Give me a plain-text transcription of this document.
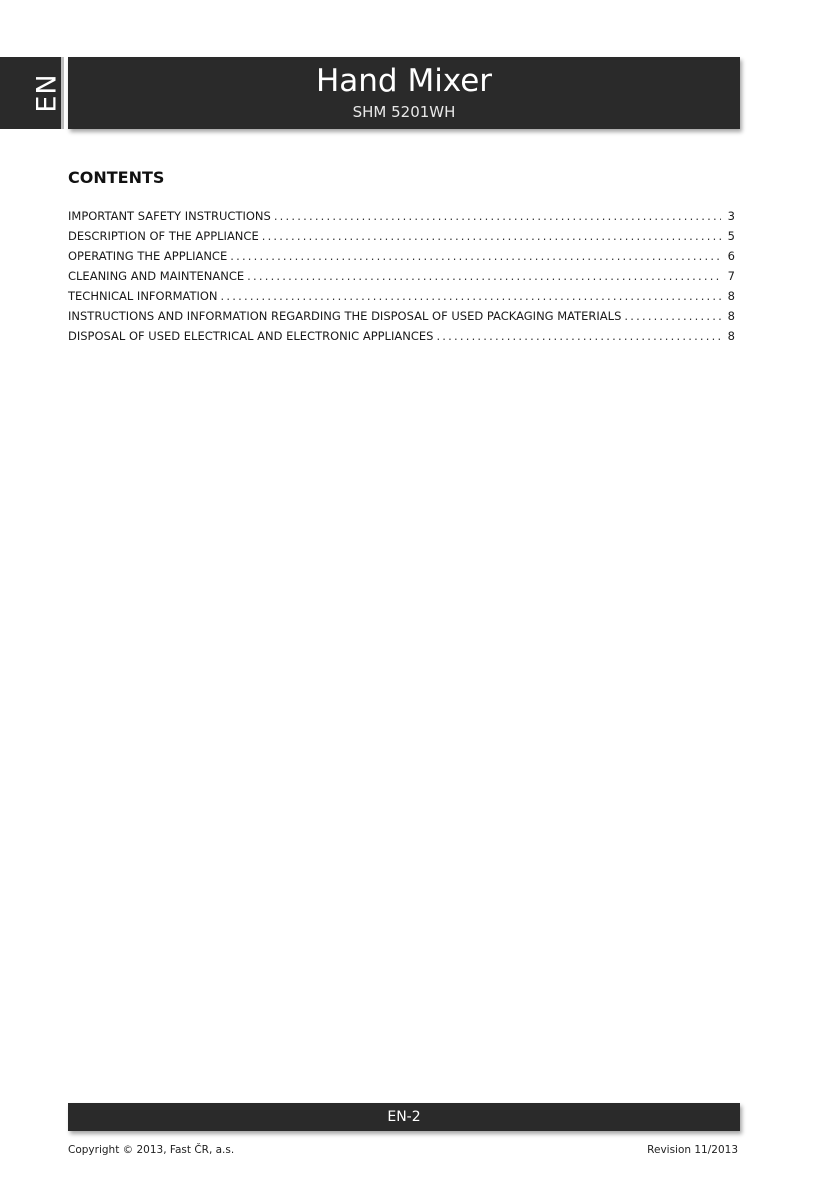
EN	Hand Mixer
SHM 5201WH
CONTENTS
IMPORTANT SAFETY INSTRUCTIONS .....	3
DESCRIPTION OF THE APPLIANCE .....	5
OPERATING THE APPLIANCE .....	6
CLEANING AND MAINTENANCE .....	7
TECHNICAL INFORMATION .....	8
INSTRUCTIONS AND INFORMATION REGARDING THE DISPOSAL OF USED PACKAGING MATERIALS .....	8
DISPOSAL OF USED ELECTRICAL AND ELECTRONIC APPLIANCES .....	8
EN-2
Copyright © 2013, Fast ČR, a.s.	Revision 11/2013
